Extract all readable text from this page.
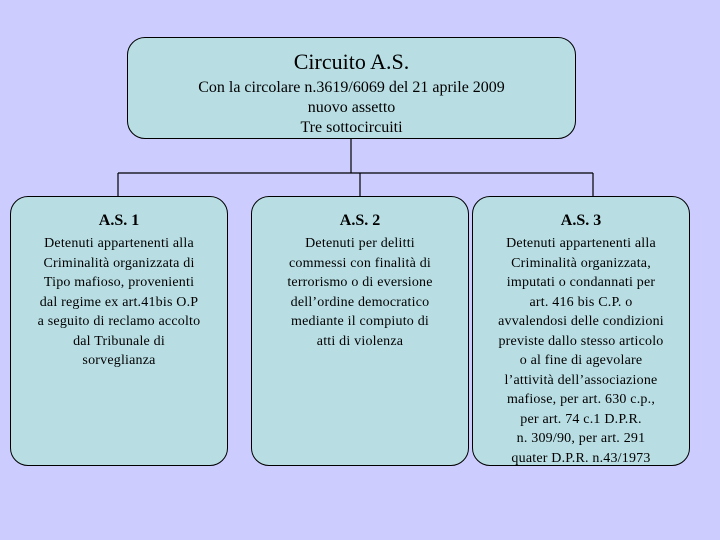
Circuito A.S.
Con la circolare n.3619/6069 del 21 aprile 2009
nuovo assetto
Tre sottocircuiti
A.S. 1
Detenuti appartenenti alla
Criminalità organizzata di
Tipo mafioso, provenienti
dal regime ex art.41bis O.P
a seguito di reclamo accolto
dal Tribunale di
sorveglianza
A.S. 2
Detenuti per delitti
commessi con finalità di
terrorismo o di eversione
dell’ordine democratico
mediante il compiuto di
atti di violenza
A.S. 3
Detenuti appartenenti alla
Criminalità organizzata,
imputati o condannati per
art. 416 bis C.P. o
avvalendosi delle condizioni
previste dallo stesso articolo
o al fine di agevolare
l’attività dell’associazione
mafiose, per art. 630 c.p.,
per art. 74 c.1 D.P.R.
n. 309/90, per art. 291
quater D.P.R. n.43/1973
